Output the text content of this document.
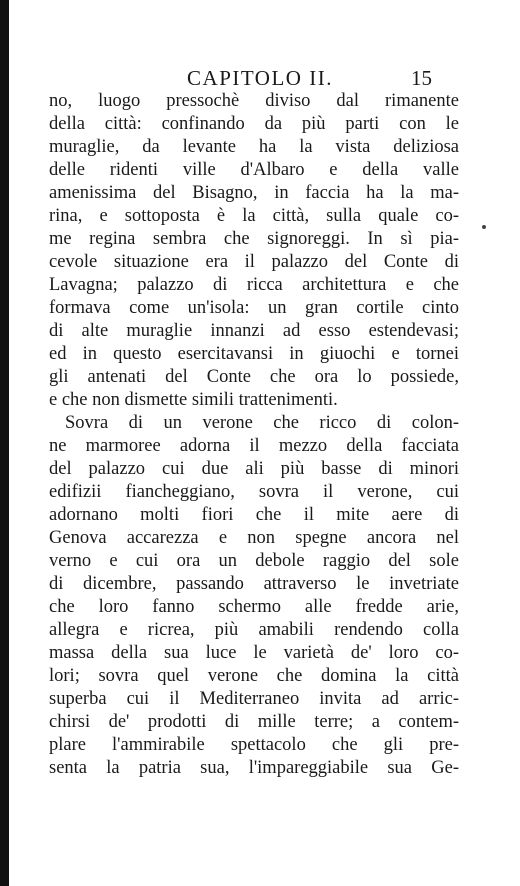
CAPITOLO II.	15
no, luogo pressochè diviso dal rimanente
della città: confinando da più parti con le
muraglie, da levante ha la vista deliziosa
delle ridenti ville d'Albaro e della valle
amenissima del Bisagno, in faccia ha la ma-
rina, e sottoposta è la città, sulla quale co-
me regina sembra che signoreggi. In sì pia-
cevole situazione era il palazzo del Conte di
Lavagna; palazzo di ricca architettura e che
formava come un'isola: un gran cortile cinto
di alte muraglie innanzi ad esso estendevasi;
ed in questo esercitavansi in giuochi e tornei
gli antenati del Conte che ora lo possiede,
e che non dismette simili trattenimenti.
Sovra di un verone che ricco di colon-
ne marmoree adorna il mezzo della facciata
del palazzo cui due ali più basse di minori
edifizii fiancheggiano, sovra il verone, cui
adornano molti fiori che il mite aere di
Genova accarezza e non spegne ancora nel
verno e cui ora un debole raggio del sole
di dicembre, passando attraverso le invetriate
che loro fanno schermo alle fredde arie,
allegra e ricrea, più amabili rendendo colla
massa della sua luce le varietà de' loro co-
lori; sovra quel verone che domina la città
superba cui il Mediterraneo invita ad arric-
chirsi de' prodotti di mille terre; a contem-
plare l'ammirabile spettacolo che gli pre-
senta la patria sua, l'impareggiabile sua Ge-
